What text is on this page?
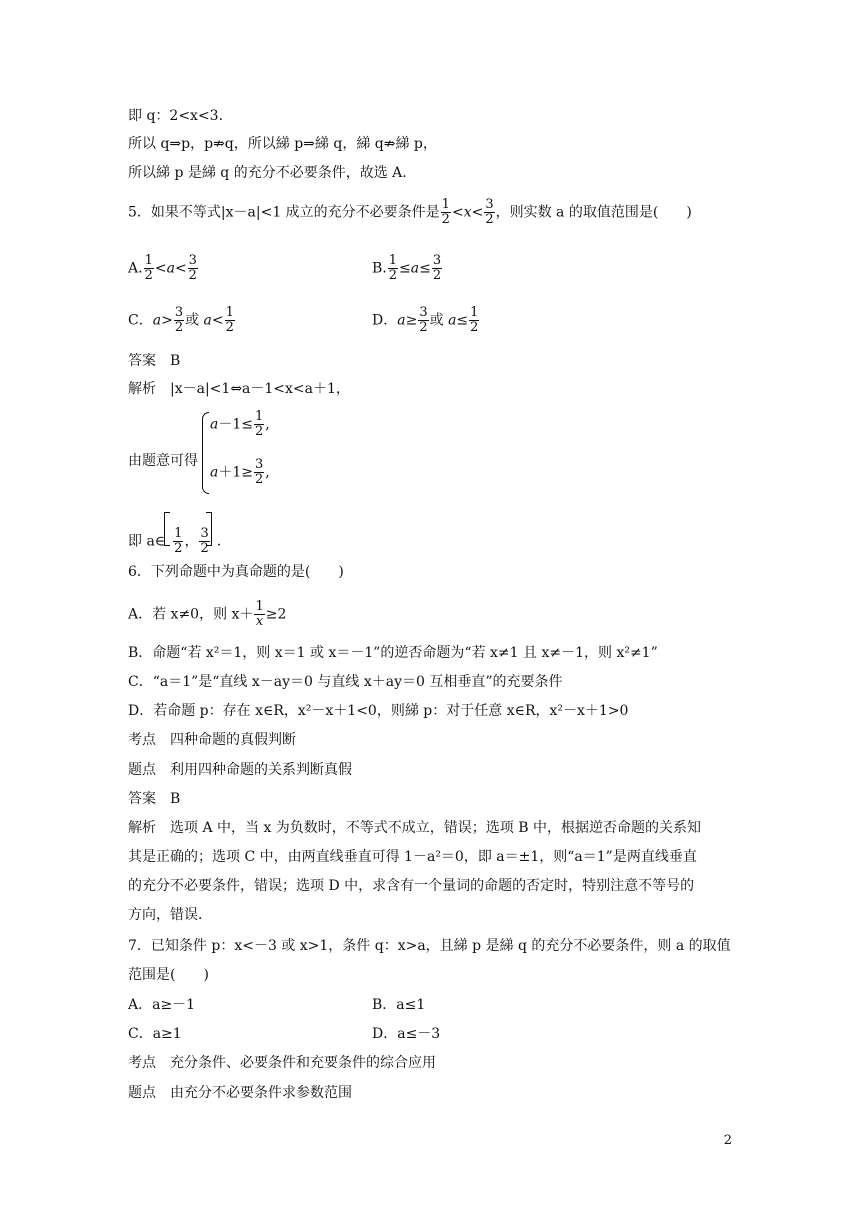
即 q：2<x<3.
所以 q⇒p，p⇏q，所以綈 p⇒綈 q，綈 q⇏綈 p，
所以綈 p 是綈 q 的充分不必要条件，故选 A.
5．如果不等式|x－a|<1 成立的充分不必要条件是 $\frac{1}{2} <x< \frac{3}{2}$ ，则实数 a 的取值范围是(　　)
A. $\frac{1}{2} <a< \frac{3}{2}$	B. $\frac{1}{2} \le a\le \frac{3}{2}$
C．$a> \frac{3}{2}$ 或 $a< \frac{1}{2}$	D．$a\ge \frac{3}{2}$ 或 $a\le \frac{1}{2}$
答案　B
解析　|x－a|<1⇔a－1<x<a＋1，
由题意可得
$a-1\le \frac{1}{2}$ ,
$a+1\ge \frac{3}{2}$ ,
即 a∈ $\frac{1}{2}$ ， $\frac{3}{2}$ .
6．下列命题中为真命题的是(　　)
A．若 x≠0，则 $x+ \frac{1}{x} \ge 2$
B．命题“若 x²＝1，则 x＝1 或 x＝－1”的逆否命题为“若 x≠1 且 x≠－1，则 x²≠1”
C．“a＝1”是“直线 x－ay＝0 与直线 x＋ay＝0 互相垂直”的充要条件
D．若命题 p：存在 x∈R，x²－x＋1<0，则綈 p：对于任意 x∈R，x²－x＋1>0
考点　四种命题的真假判断
题点　利用四种命题的关系判断真假
答案　B
解析　选项 A 中，当 x 为负数时，不等式不成立，错误；选项 B 中，根据逆否命题的关系知
其是正确的；选项 C 中，由两直线垂直可得 1－a²＝0，即 a＝±1，则“a＝1”是两直线垂直
的充分不必要条件，错误；选项 D 中，求含有一个量词的命题的否定时，特别注意不等号的
方向，错误．
7．已知条件 p：x<－3 或 x>1，条件 q：x>a，且綈 p 是綈 q 的充分不必要条件，则 a 的取值
范围是(　　)
A．a≥－1	B．a≤1
C．a≥1	D．a≤－3
考点　充分条件、必要条件和充要条件的综合应用
题点　由充分不必要条件求参数范围
2
